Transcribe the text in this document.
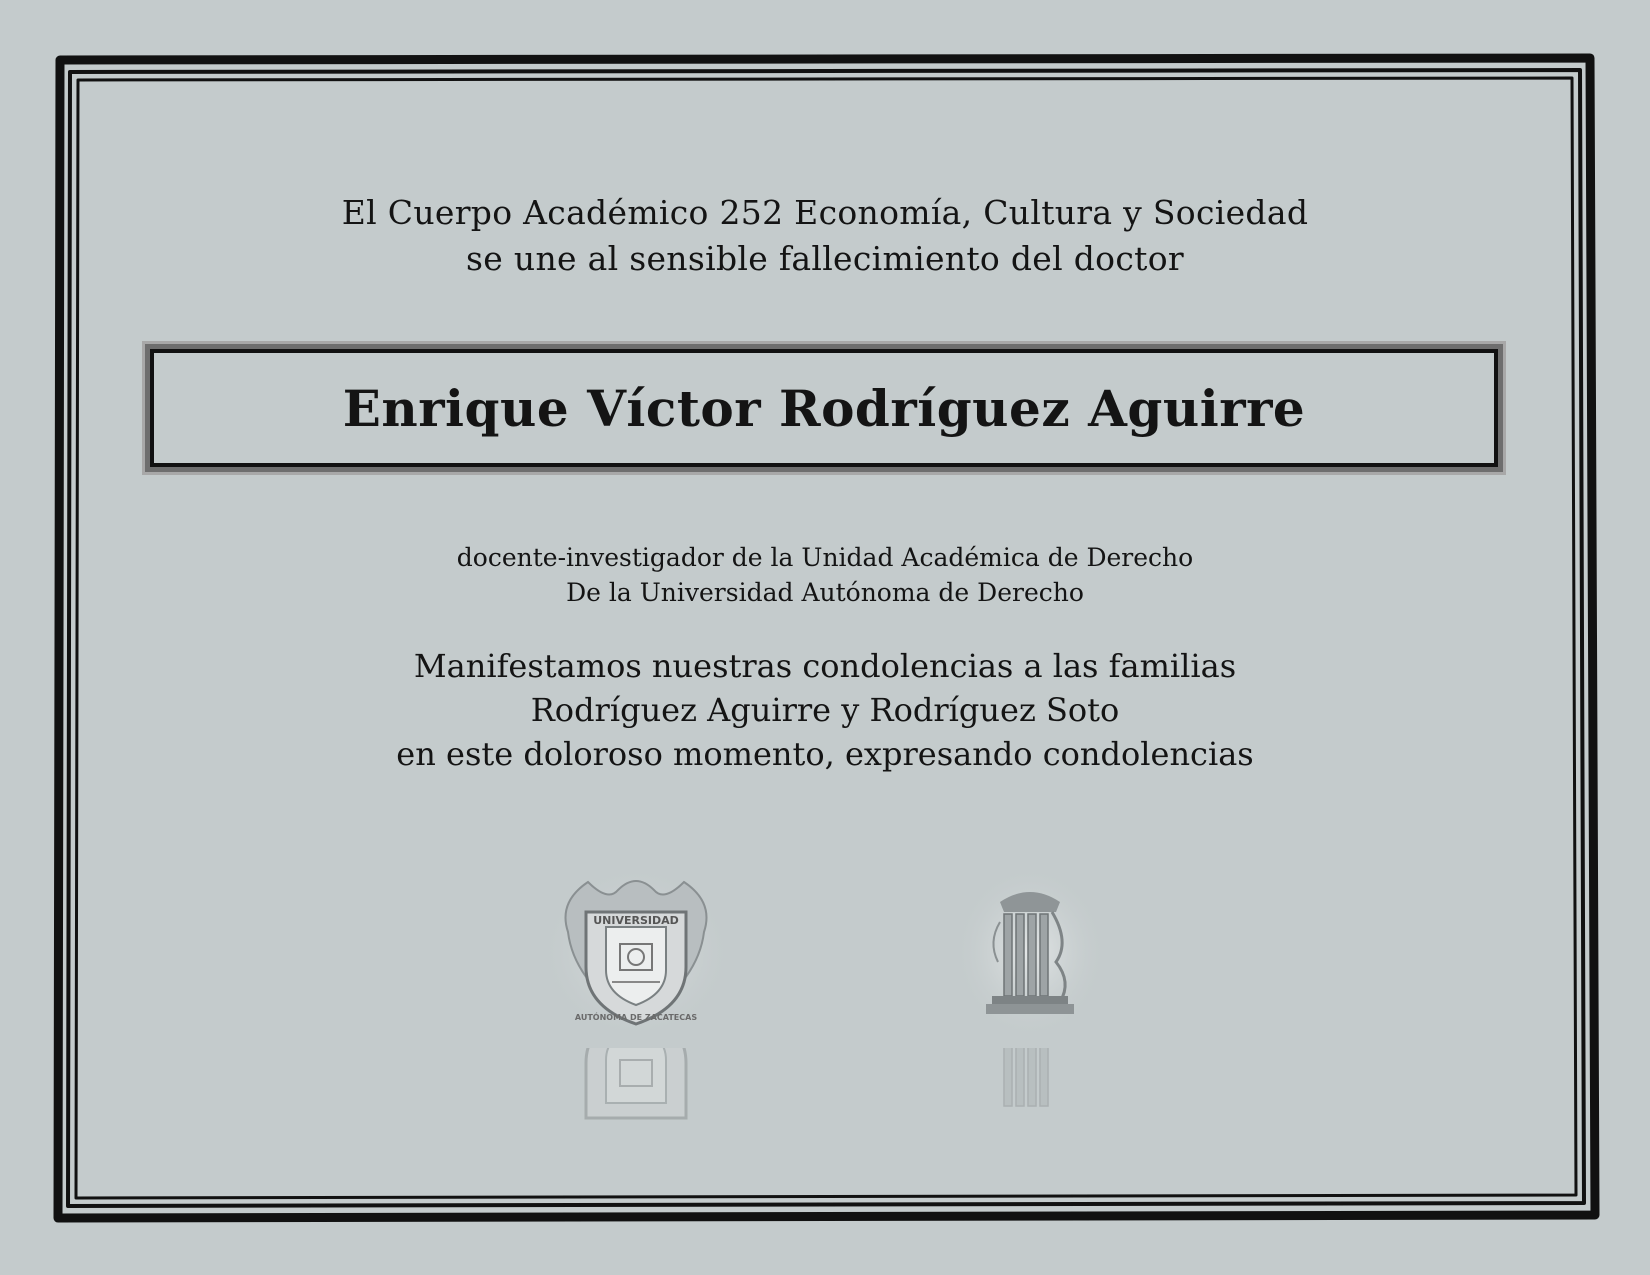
El Cuerpo Académico 252 Economía, Cultura y Sociedad
se une al sensible fallecimiento del doctor
Enrique Víctor Rodríguez Aguirre
docente-investigador de la Unidad Académica de Derecho
De la Universidad Autónoma de Derecho
Manifestamos nuestras condolencias a las familias
Rodríguez Aguirre y Rodríguez Soto
en este doloroso momento, expresando condolencias
UNIVERSIDAD
AUTÓNOMA DE ZACATECAS
